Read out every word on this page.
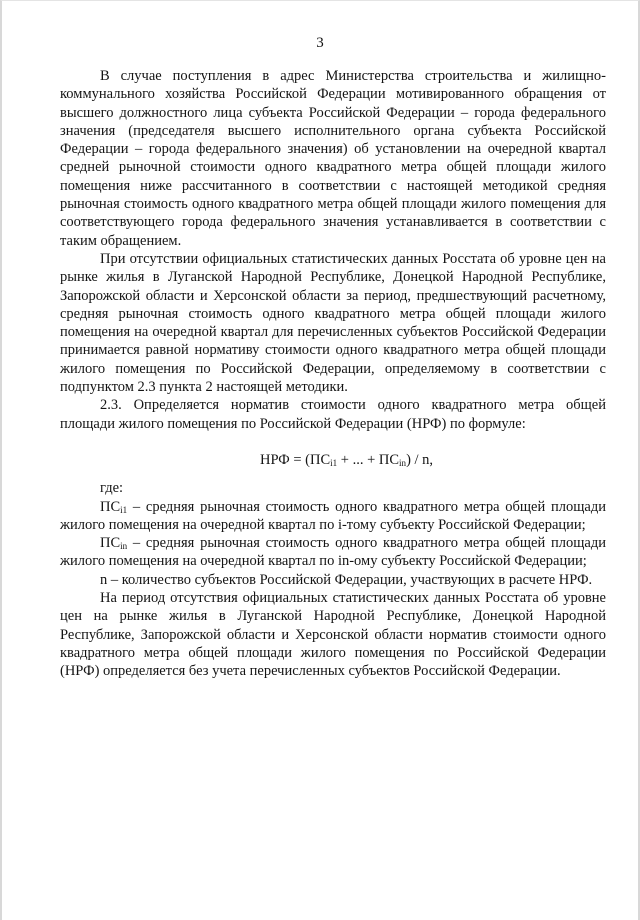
3

В случае поступления в адрес Министерства строительства и жилищно-коммунального хозяйства Российской Федерации мотивированного обращения от высшего должностного лица субъекта Российской Федерации – города федерального значения (председателя высшего исполнительного органа субъекта Российской Федерации – города федерального значения) об установлении на очередной квартал средней рыночной стоимости одного квадратного метра общей площади жилого помещения ниже рассчитанного в соответствии с настоящей методикой средняя рыночная стоимость одного квадратного метра общей площади жилого помещения для соответствующего города федерального значения устанавливается в соответствии с таким обращением.

При отсутствии официальных статистических данных Росстата об уровне цен на рынке жилья в Луганской Народной Республике, Донецкой Народной Республике, Запорожской области и Херсонской области за период, предшествующий расчетному, средняя рыночная стоимость одного квадратного метра общей площади жилого помещения на очередной квартал для перечисленных субъектов Российской Федерации принимается равной нормативу стоимости одного квадратного метра общей площади жилого помещения по Российской Федерации, определяемому в соответствии с подпунктом 2.3 пункта 2 настоящей методики.

2.3. Определяется норматив стоимости одного квадратного метра общей площади жилого помещения по Российской Федерации (НРФ) по формуле:

НРФ = ($ПС_{i1}$ + ... + $ПС_{in}$) / n,

где:

$ПС_{i1}$ – средняя рыночная стоимость одного квадратного метра общей площади жилого помещения на очередной квартал по i-тому субъекту Российской Федерации;

$ПС_{in}$ – средняя рыночная стоимость одного квадратного метра общей площади жилого помещения на очередной квартал по in-ому субъекту Российской Федерации;

n – количество субъектов Российской Федерации, участвующих в расчете НРФ.

На период отсутствия официальных статистических данных Росстата об уровне цен на рынке жилья в Луганской Народной Республике, Донецкой Народной Республике, Запорожской области и Херсонской области норматив стоимости одного квадратного метра общей площади жилого помещения по Российской Федерации (НРФ) определяется без учета перечисленных субъектов Российской Федерации.
